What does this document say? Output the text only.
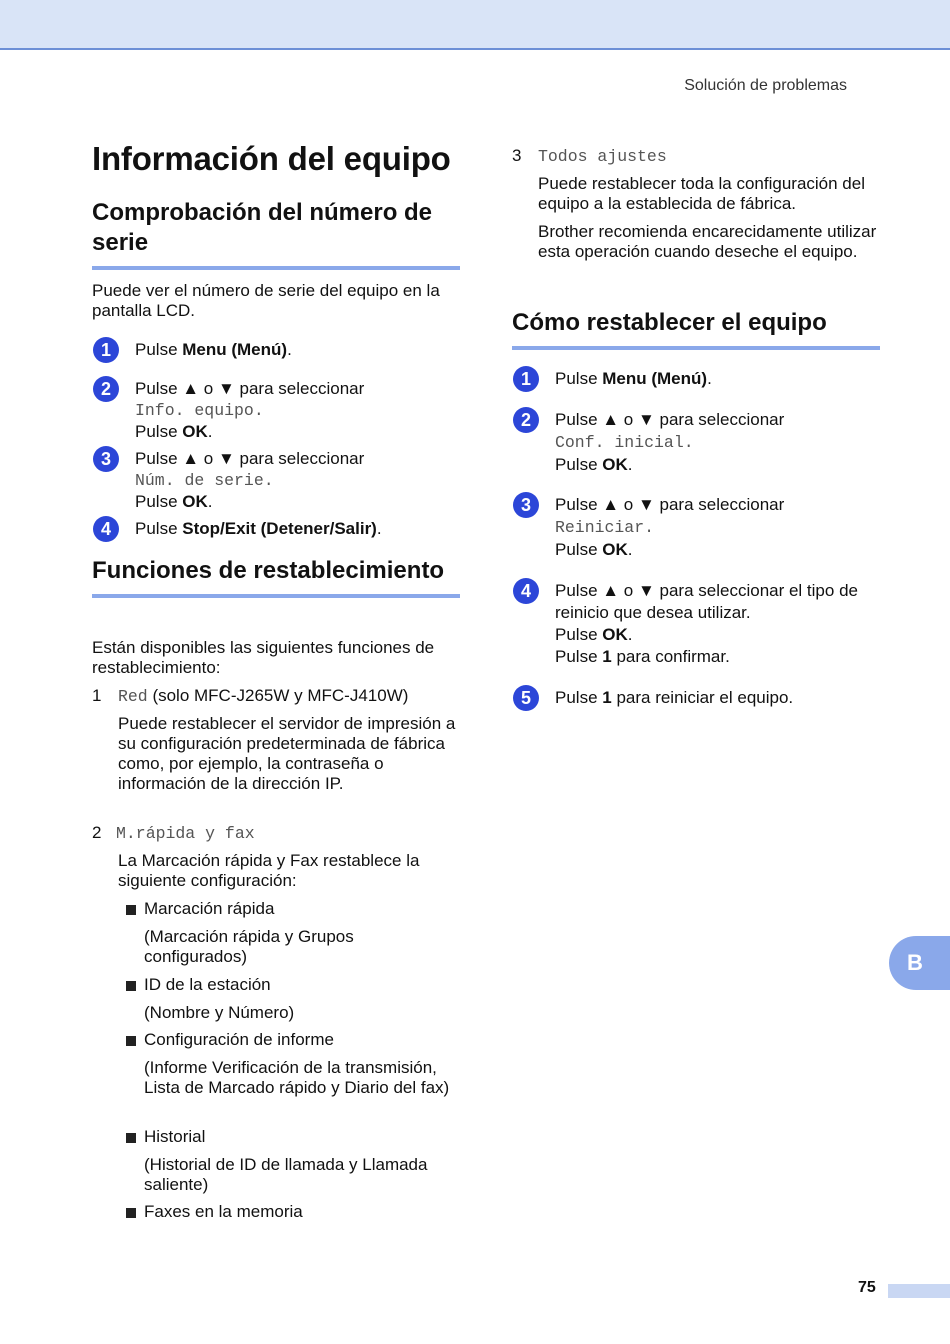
Solución de problemas
Información del equipo
Comprobación del número de serie

Puede ver el número de serie del equipo en la pantalla LCD.

1	Pulse Menu (Menú).
2	Pulse ▲ o ▼ para seleccionar
Info. equipo.
Pulse OK.
3	Pulse ▲ o ▼ para seleccionar
Núm. de serie.
Pulse OK.
4	Pulse Stop/Exit (Detener/Salir).
Funciones de restablecimiento

Están disponibles las siguientes funciones de restablecimiento:

1 Red (solo MFC-J265W y MFC-J410W)
Puede restablecer el servidor de impresión a su configuración predeterminada de fábrica como, por ejemplo, la contraseña o información de la dirección IP.
2 M.rápida y fax
La Marcación rápida y Fax restablece la siguiente configuración:
Marcación rápida
(Marcación rápida y Grupos configurados)
ID de la estación
(Nombre y Número)
Configuración de informe
(Informe Verificación de la transmisión, Lista de Marcado rápido y Diario del fax)
Historial
(Historial de ID de llamada y Llamada saliente)
Faxes en la memoria
3 Todos ajustes
Puede restablecer toda la configuración del equipo a la establecida de fábrica.
Brother recomienda encarecidamente utilizar esta operación cuando deseche el equipo.
Cómo restablecer el equipo
1	Pulse Menu (Menú).
2	Pulse ▲ o ▼ para seleccionar
Conf. inicial.
Pulse OK.
3	Pulse ▲ o ▼ para seleccionar
Reiniciar.
Pulse OK.
4	Pulse ▲ o ▼ para seleccionar el tipo de
reinicio que desea utilizar.
Pulse OK.
Pulse 1 para confirmar.
5	Pulse 1 para reiniciar el equipo.
B
75
